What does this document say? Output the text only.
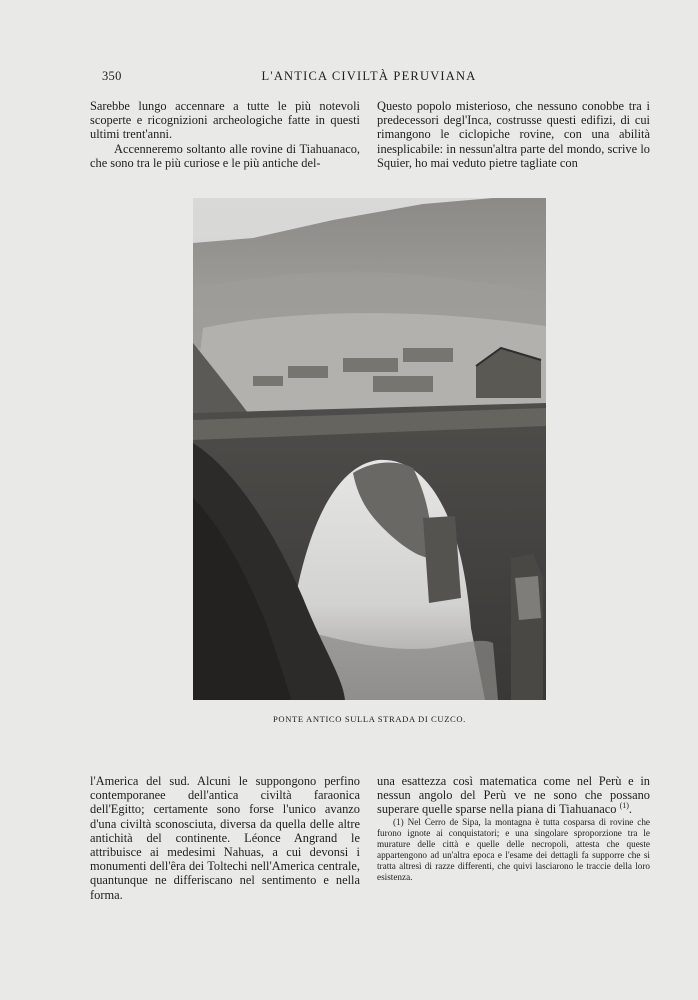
350	L'ANTICA CIVILTÀ PERUVIANA

Sarebbe lungo accennare a tutte le più notevoli scoperte e ricognizioni archeologiche fatte in questi ultimi trent'anni.

Accenneremo soltanto alle rovine di Tiahuanaco, che sono tra le più curiose e le più antiche del-

Questo popolo misterioso, che nessuno conobbe tra i predecessori degl'Inca, costrusse questi edifizi, di cui rimangono le ciclopiche rovine, con una abilità inesplicabile: in nessun'altra parte del mondo, scrive lo Squier, ho mai veduto pietre tagliate con

PONTE ANTICO SULLA STRADA DI CUZCO.

l'America del sud. Alcuni le suppongono perfino contemporanee dell'antica civiltà faraonica dell'Egitto; certamente sono forse l'unico avanzo d'una civiltà sconosciuta, diversa da quella delle altre antichità del continente. Léonce Angrand le attribuisce ai medesimi Nahuas, a cui devonsi i monumenti dell'êra dei Toltechi nell'America centrale, quantunque ne differiscano nel sentimento e nella forma.

una esattezza così matematica come nel Perù e in nessun angolo del Perù ve ne sono che possano superare quelle sparse nella piana di Tiahuanaco $^{(1)}$.

(1) Nel Cerro de Sipa, la montagna è tutta cosparsa di rovine che furono ignote ai conquistatori; e una singolare sproporzione tra le murature delle città e quelle delle necropoli, attesta che queste appartengono ad un'altra epoca e l'esame dei dettagli fa supporre che si tratta altresì di razze differenti, che quivi lasciarono le traccie della loro esistenza.
